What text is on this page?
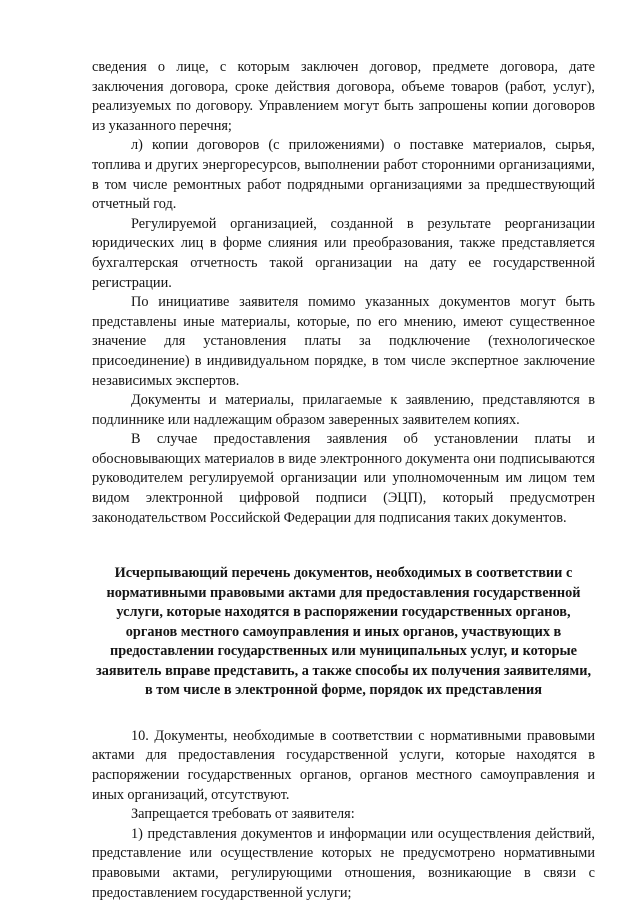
сведения о лице, с которым заключен договор, предмете договора, дате заключения договора, сроке действия договора, объеме товаров (работ, услуг), реализуемых по договору. Управлением могут быть запрошены копии договоров из указанного перечня;

л) копии договоров (с приложениями) о поставке материалов, сырья, топлива и других энергоресурсов, выполнении работ сторонними организациями, в том числе ремонтных работ подрядными организациями за предшествующий отчетный год.

Регулируемой организацией, созданной в результате реорганизации юридических лиц в форме слияния или преобразования, также представляется бухгалтерская отчетность такой организации на дату ее государственной регистрации.

По инициативе заявителя помимо указанных документов могут быть представлены иные материалы, которые, по его мнению, имеют существенное значение для установления платы за подключение (технологическое присоединение) в индивидуальном порядке, в том числе экспертное заключение независимых экспертов.

Документы и материалы, прилагаемые к заявлению, представляются в подлиннике или надлежащим образом заверенных заявителем копиях.

В случае предоставления заявления об установлении платы и обосновывающих материалов в виде электронного документа они подписываются руководителем регулируемой организации или уполномоченным им лицом тем видом электронной цифровой подписи (ЭЦП), который предусмотрен законодательством Российской Федерации для подписания таких документов.

Исчерпывающий перечень документов, необходимых в соответствии с нормативными правовыми актами для предоставления государственной услуги, которые находятся в распоряжении государственных органов, органов местного самоуправления и иных органов, участвующих в предоставлении государственных или муниципальных услуг, и которые заявитель вправе представить, а также способы их получения заявителями, в том числе в электронной форме, порядок их представления

10. Документы, необходимые в соответствии с нормативными правовыми актами для предоставления государственной услуги, которые находятся в распоряжении государственных органов, органов местного самоуправления и иных организаций, отсутствуют.

Запрещается требовать от заявителя:

1) представления документов и информации или осуществления действий, представление или осуществление которых не предусмотрено нормативными правовыми актами, регулирующими отношения, возникающие в связи с предоставлением государственной услуги;
